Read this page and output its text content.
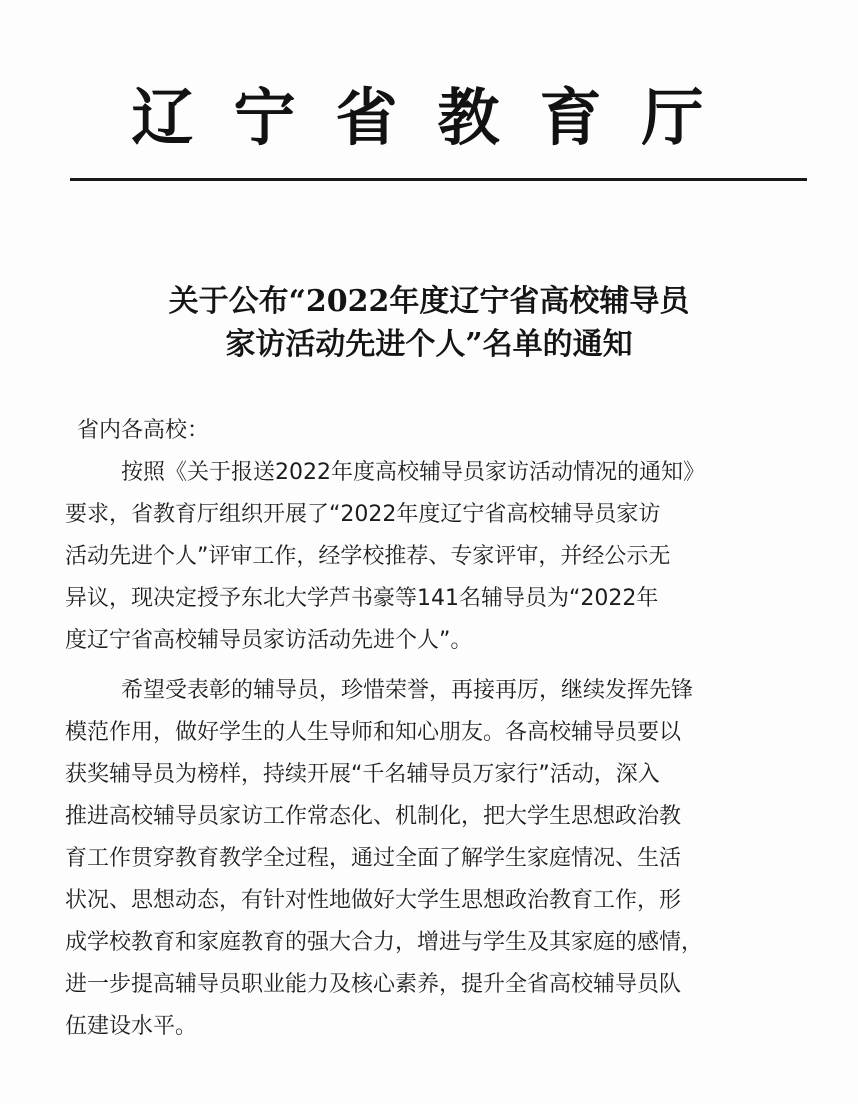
辽宁省教育厅
关于公布“2022年度辽宁省高校辅导员
家访活动先进个人”名单的通知
省内各高校：
按照《关于报送2022年度高校辅导员家访活动情况的通知》
要求，省教育厅组织开展了“2022年度辽宁省高校辅导员家访
活动先进个人”评审工作，经学校推荐、专家评审，并经公示无
异议，现决定授予东北大学芦书豪等141名辅导员为“2022年
度辽宁省高校辅导员家访活动先进个人”。
希望受表彰的辅导员，珍惜荣誉，再接再厉，继续发挥先锋
模范作用，做好学生的人生导师和知心朋友。各高校辅导员要以
获奖辅导员为榜样，持续开展“千名辅导员万家行”活动，深入
推进高校辅导员家访工作常态化、机制化，把大学生思想政治教
育工作贯穿教育教学全过程，通过全面了解学生家庭情况、生活
状况、思想动态，有针对性地做好大学生思想政治教育工作，形
成学校教育和家庭教育的强大合力，增进与学生及其家庭的感情，
进一步提高辅导员职业能力及核心素养，提升全省高校辅导员队
伍建设水平。
